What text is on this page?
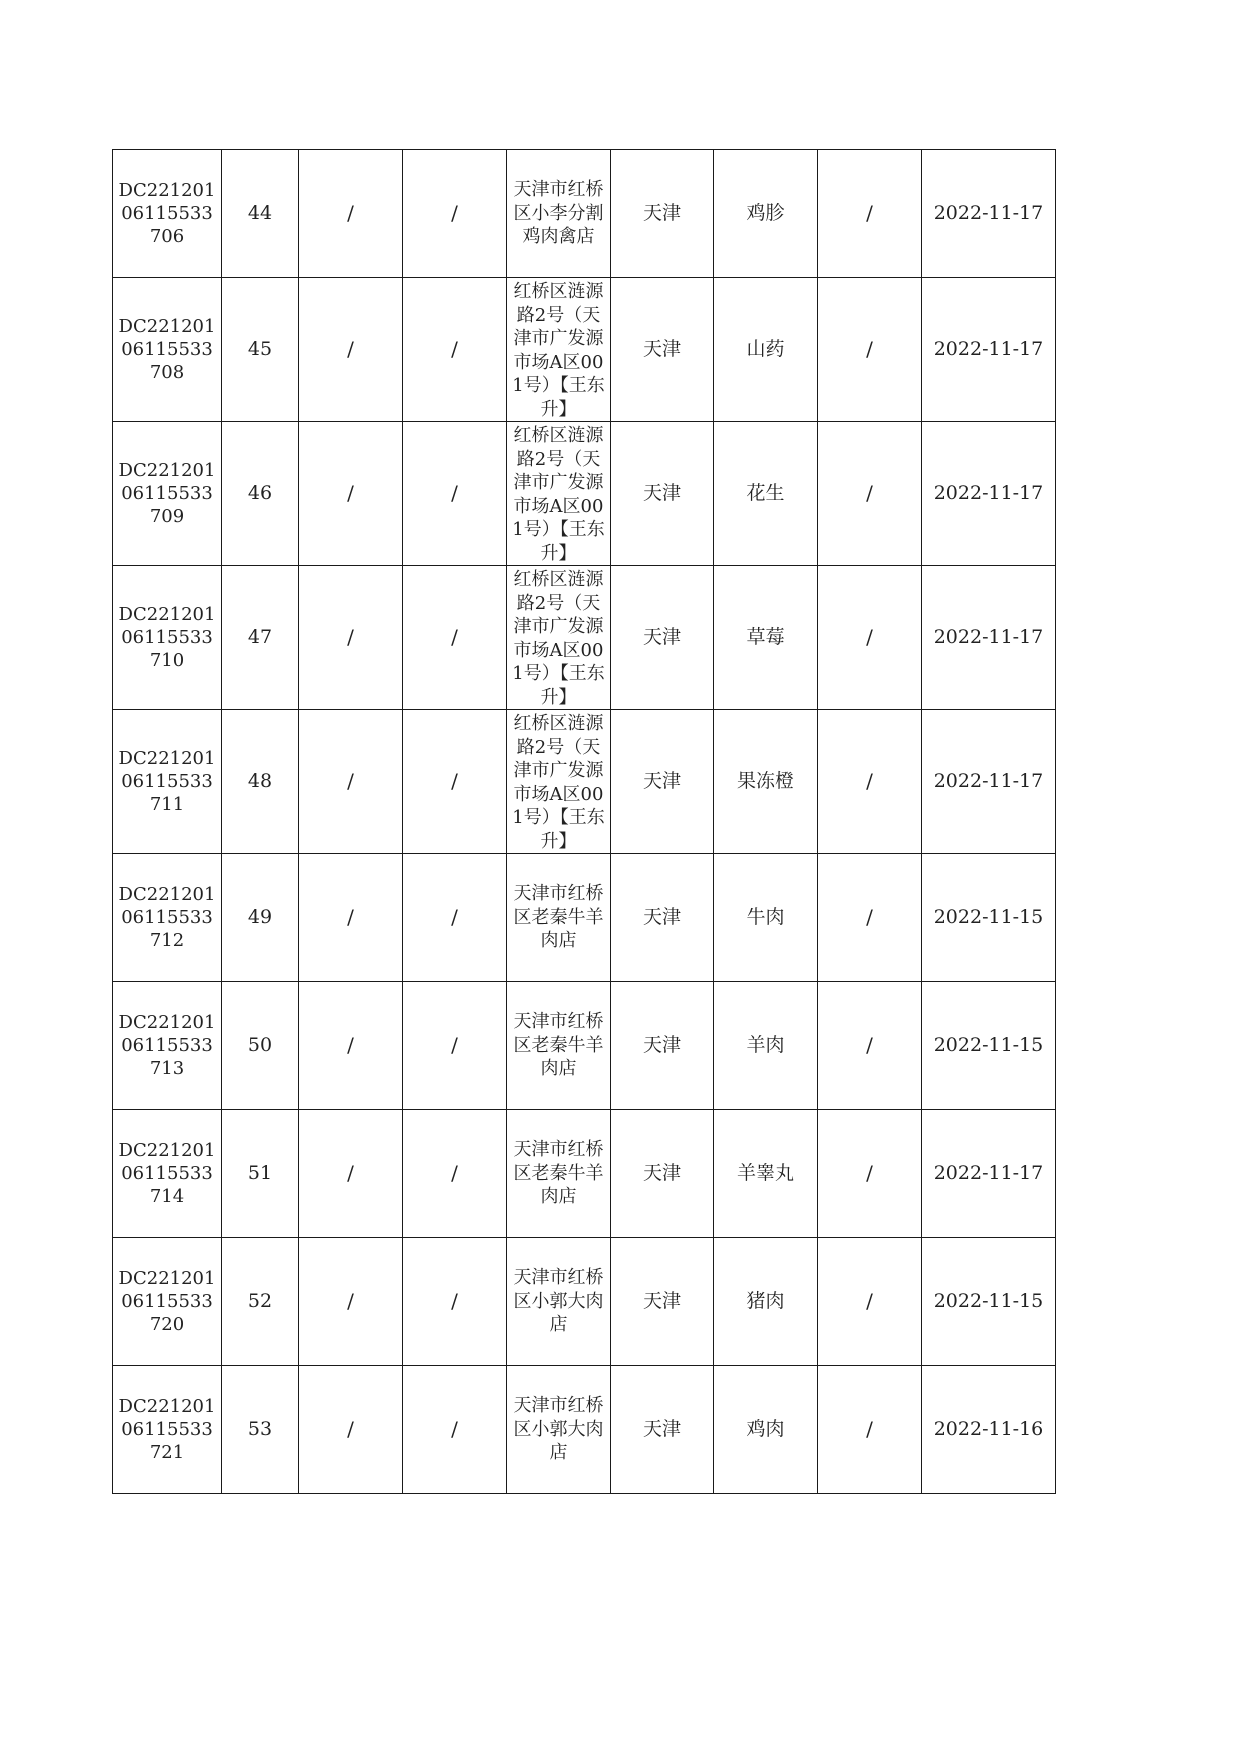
DC22120106115533706	44	/	/	天津市红桥区小李分割鸡肉禽店	天津	鸡胗	/	2022-11-17
DC22120106115533708	45	/	/	红桥区涟源路2号（天津市广发源市场A区001号）【王东升】	天津	山药	/	2022-11-17
DC22120106115533709	46	/	/	红桥区涟源路2号（天津市广发源市场A区001号）【王东升】	天津	花生	/	2022-11-17
DC22120106115533710	47	/	/	红桥区涟源路2号（天津市广发源市场A区001号）【王东升】	天津	草莓	/	2022-11-17
DC22120106115533711	48	/	/	红桥区涟源路2号（天津市广发源市场A区001号）【王东升】	天津	果冻橙	/	2022-11-17
DC22120106115533712	49	/	/	天津市红桥区老秦牛羊肉店	天津	牛肉	/	2022-11-15
DC22120106115533713	50	/	/	天津市红桥区老秦牛羊肉店	天津	羊肉	/	2022-11-15
DC22120106115533714	51	/	/	天津市红桥区老秦牛羊肉店	天津	羊睾丸	/	2022-11-17
DC22120106115533720	52	/	/	天津市红桥区小郭大肉店	天津	猪肉	/	2022-11-15
DC22120106115533721	53	/	/	天津市红桥区小郭大肉店	天津	鸡肉	/	2022-11-16
